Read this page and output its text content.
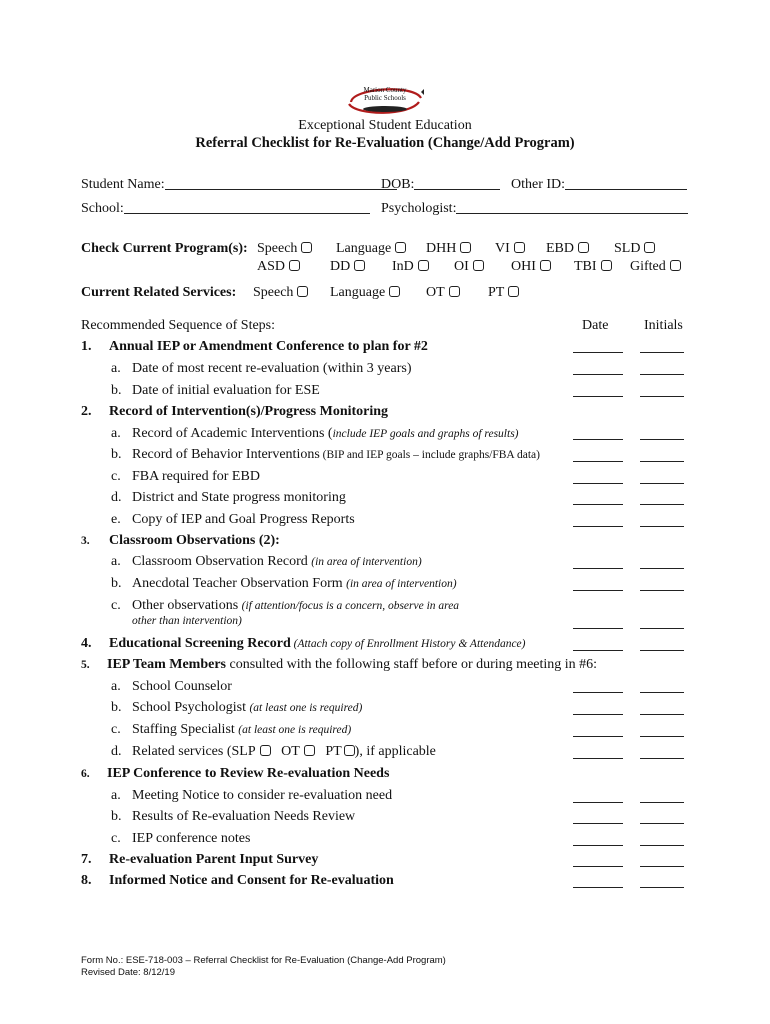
Marion County
Public Schools
Exceptional Student Education
Referral Checklist for Re-Evaluation (Change/Add Program)
Student Name:	DOB:	Other ID:
School:	Psychologist:
Check Current Program(s): Speech	Language	DHH	VI	EBD	SLD
ASD	DD	InD	OI	OHI	TBI	Gifted
Current Related Services: Speech	Language	OT	PT
Recommended Sequence of Steps:	Date	Initials
1. Annual IEP or Amendment Conference to plan for #2
a. Date of most recent re-evaluation (within 3 years)
b. Date of initial evaluation for ESE
2. Record of Intervention(s)/Progress Monitoring
a. Record of Academic Interventions (include IEP goals and graphs of results)
b. Record of Behavior Interventions (BIP and IEP goals – include graphs/FBA data)
c. FBA required for EBD
d. District and State progress monitoring
e. Copy of IEP and Goal Progress Reports
3. Classroom Observations (2):
a. Classroom Observation Record (in area of intervention)
b. Anecdotal Teacher Observation Form (in area of intervention)
c. Other observations (if attention/focus is a concern, observe in area
other than intervention)
4. Educational Screening Record (Attach copy of Enrollment History & Attendance)
5. IEP Team Members consulted with the following staff before or during meeting in #6:
a. School Counselor
b. School Psychologist (at least one is required)
c. Staffing Specialist (at least one is required)
d. Related services (SLP OT PT ), if applicable
6. IEP Conference to Review Re-evaluation Needs
a. Meeting Notice to consider re-evaluation need
b. Results of Re-evaluation Needs Review
c. IEP conference notes
7. Re-evaluation Parent Input Survey
8. Informed Notice and Consent for Re-evaluation
Form No.: ESE-718-003 – Referral Checklist for Re-Evaluation (Change-Add Program)
Revised Date: 8/12/19
